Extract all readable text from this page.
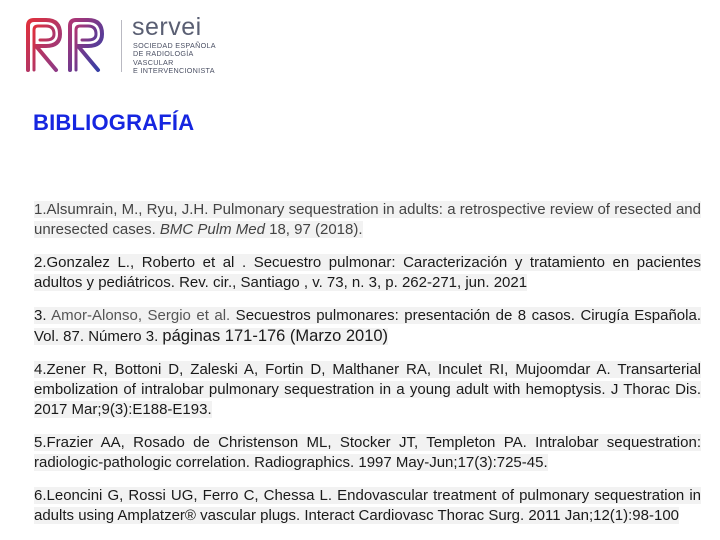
servei
SOCIEDAD ESPAÑOLA
DE RADIOLOGÍA
VASCULAR
E INTERVENCIONISTA
BIBLIOGRAFÍA
1.Alsumrain, M., Ryu, J.H. Pulmonary sequestration in adults: a retrospective review of resected and unresected cases. BMC Pulm Med 18, 97 (2018).
2.Gonzalez L., Roberto et al . Secuestro pulmonar: Caracterización y tratamiento en pacientes adultos y pediátricos. Rev. cir., Santiago , v. 73, n. 3, p. 262-271, jun. 2021
3. Amor-Alonso, Sergio et al. Secuestros pulmonares: presentación de 8 casos. Cirugía Española. Vol. 87. Número 3. páginas 171-176 (Marzo 2010)
4.Zener R, Bottoni D, Zaleski A, Fortin D, Malthaner RA, Inculet RI, Mujoomdar A. Transarterial embolization of intralobar pulmonary sequestration in a young adult with hemoptysis. J Thorac Dis. 2017 Mar;9(3):E188-E193.
5.Frazier AA, Rosado de Christenson ML, Stocker JT, Templeton PA. Intralobar sequestration: radiologic-pathologic correlation. Radiographics. 1997 May-Jun;17(3):725-45.
6.Leoncini G, Rossi UG, Ferro C, Chessa L. Endovascular treatment of pulmonary sequestration in adults using Amplatzer® vascular plugs. Interact Cardiovasc Thorac Surg. 2011 Jan;12(1):98-100
